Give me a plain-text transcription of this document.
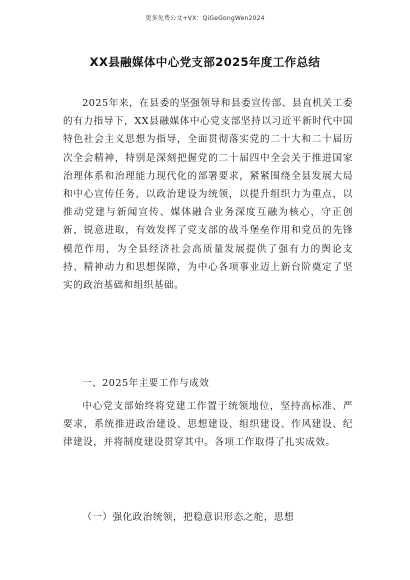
更多免费公文+VX：QiGeGongWen2024
XX县融媒体中心党支部2025年度工作总结

2025年来，在县委的坚强领导和县委宣传部、县直机关工委的有力指导下，XX县融媒体中心党支部坚持以习近平新时代中国特色社会主义思想为指导，全面贯彻落实党的二十大和二十届历次全会精神，特别是深刻把握党的二十届四中全会关于推进国家治理体系和治理能力现代化的部署要求，紧紧围绕全县发展大局和中心宣传任务，以政治建设为统领，以提升组织力为重点，以推动党建与新闻宣传、媒体融合业务深度互融为核心，守正创新，锐意进取，有效发挥了党支部的战斗堡垒作用和党员的先锋模范作用，为全县经济社会高质量发展提供了强有力的舆论支持、精神动力和思想保障，为中心各项事业迈上新台阶奠定了坚实的政治基础和组织基础。

一、2025年主要工作与成效

中心党支部始终将党建工作置于统领地位，坚持高标准、严要求，系统推进政治建设、思想建设、组织建设、作风建设、纪律建设，并将制度建设贯穿其中。各项工作取得了扎实成效。

（一）强化政治统领，把稳意识形态之舵，思想
